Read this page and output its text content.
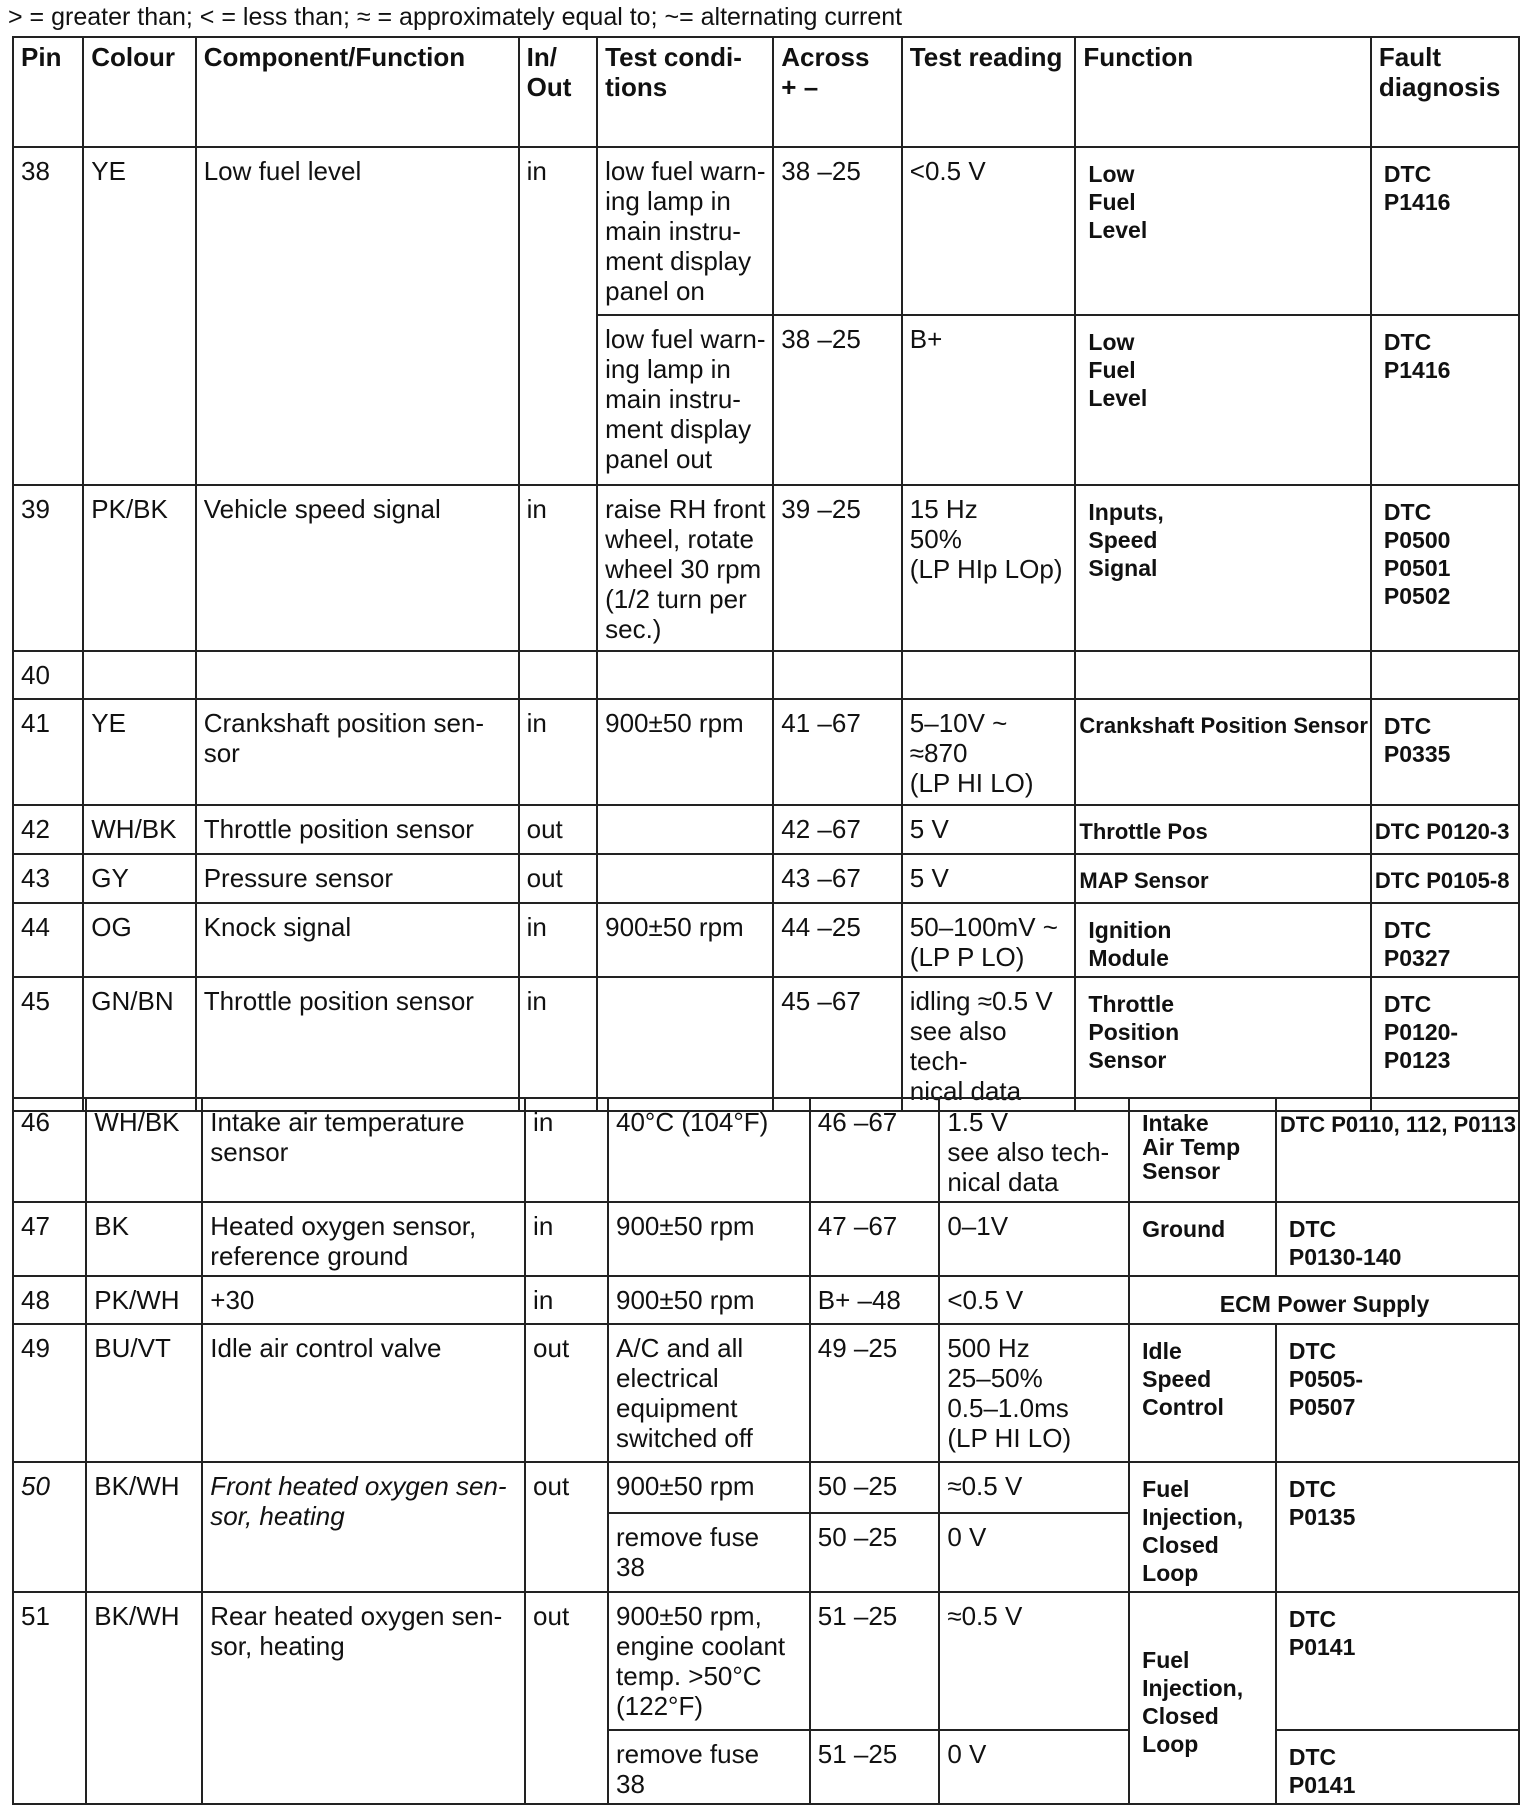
> = greater than; < = less than; ≈ = approximately equal to; ~= alternating current
Pin	Colour	Component/Function	In/
Out	Test condi-
tions	Across
+ –	Test reading	Function	Fault
diagnosis
38	YE	Low fuel level	in	low fuel warn-
ing lamp in
main instru-
ment display
panel on	38 –25	<0.5 V	Low
Fuel
Level	DTC
P1416
				low fuel warn-
ing lamp in
main instru-
ment display
panel out	38 –25	B+	Low
Fuel
Level	DTC
P1416
39	PK/BK	Vehicle speed signal	in	raise RH front
wheel, rotate
wheel 30 rpm
(1/2 turn per
sec.)	39 –25	15 Hz
50%
(LP HIp LOp)	Inputs,
Speed
Signal	DTC
P0500
P0501
P0502
40								
41	YE	Crankshaft position sen-
sor	in	900±50 rpm	41 –67	5–10V ~
≈870
(LP HI LO)	Crankshaft Position Sensor	DTC
P0335
42	WH/BK	Throttle position sensor	out		42 –67	5 V	Throttle Pos	DTC P0120-3
43	GY	Pressure sensor	out		43 –67	5 V	MAP Sensor	DTC P0105-8
44	OG	Knock signal	in	900±50 rpm	44 –25	50–100mV ~
(LP P LO)	Ignition
Module	DTC
P0327
45	GN/BN	Throttle position sensor	in		45 –67	idling ≈0.5 V
see also tech-
nical data	Throttle
Position
Sensor	DTC
P0120-
P0123
46	WH/BK	Intake air temperature
sensor	in	40°C (104°F)	46 –67	1.5 V
see also tech-
nical data	Intake
Air Temp
Sensor	DTC P0110, 112, P0113
47	BK	Heated oxygen sensor,
reference ground	in	900±50 rpm	47 –67	0–1V	Ground	DTC
P0130-140
48	PK/WH	+30	in	900±50 rpm	B+ –48	<0.5 V	ECM Power Supply	
49	BU/VT	Idle air control valve	out	A/C and all
electrical
equipment
switched off	49 –25	500 Hz
25–50%
0.5–1.0ms
(LP HI LO)	Idle
Speed
Control	DTC
P0505-
P0507
50	BK/WH	Front heated oxygen sen-
sor, heating	out	900±50 rpm	50 –25	≈0.5 V	Fuel
Injection,
Closed
Loop	DTC
P0135
				remove fuse
38	50 –25	0 V		
51	BK/WH	Rear heated oxygen sen-
sor, heating	out	900±50 rpm,
engine coolant
temp. >50°C
(122°F)	51 –25	≈0.5 V	Fuel
Injection,
Closed
Loop	DTC
P0141
				remove fuse
38	51 –25	0 V		DTC
P0141
